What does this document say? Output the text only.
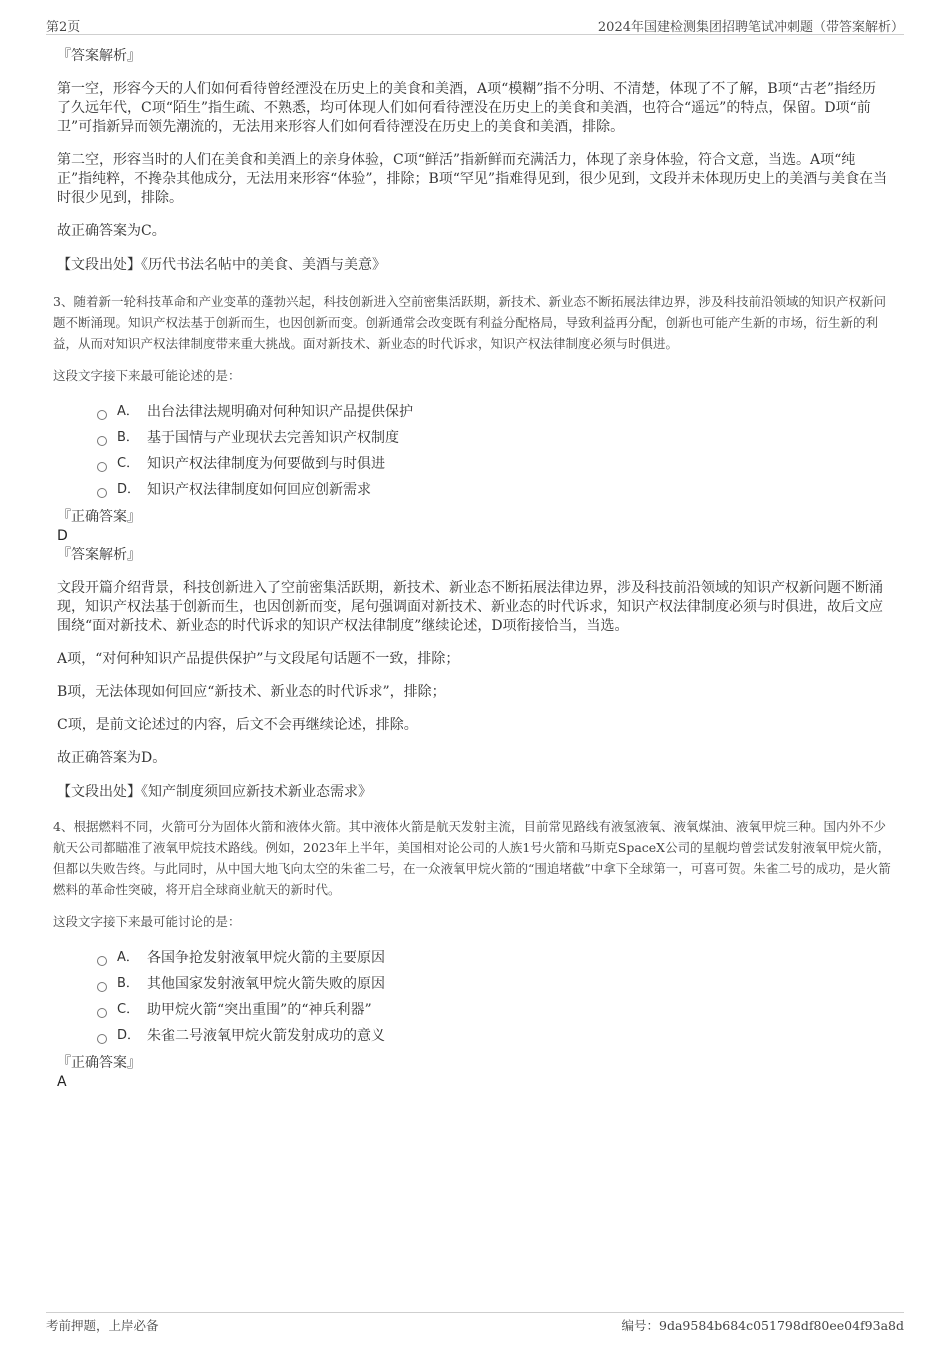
第2页	2024年国建检测集团招聘笔试冲刺题（带答案解析）
『答案解析』

第一空，形容今天的人们如何看待曾经湮没在历史上的美食和美酒，A项“模糊”指不分明、不清楚，体现了不了解，B项“古老”指经历了久远年代，C项“陌生”指生疏、不熟悉，均可体现人们如何看待湮没在历史上的美食和美酒，也符合“遥远”的特点，保留。D项“前卫”可指新异而领先潮流的，无法用来形容人们如何看待湮没在历史上的美食和美酒，排除。

第二空，形容当时的人们在美食和美酒上的亲身体验，C项“鲜活”指新鲜而充满活力，体现了亲身体验，符合文意，当选。A项“纯正”指纯粹，不搀杂其他成分，无法用来形容“体验”，排除；B项“罕见”指难得见到，很少见到，文段并未体现历史上的美酒与美食在当时很少见到，排除。

故正确答案为C。

【文段出处】《历代书法名帖中的美食、美酒与美意》
3、随着新一轮科技革命和产业变革的蓬勃兴起，科技创新进入空前密集活跃期，新技术、新业态不断拓展法律边界，涉及科技前沿领域的知识产权新问题不断涌现。知识产权法基于创新而生，也因创新而变。创新通常会改变既有利益分配格局，导致利益再分配，创新也可能产生新的市场，衍生新的利益，从而对知识产权法律制度带来重大挑战。面对新技术、新业态的时代诉求，知识产权法律制度必须与时俱进。
这段文字接下来最可能论述的是：
A． 出台法律法规明确对何种知识产品提供保护
B． 基于国情与产业现状去完善知识产权制度
C． 知识产权法律制度为何要做到与时俱进
D． 知识产权法律制度如何回应创新需求
『正确答案』
D
『答案解析』

文段开篇介绍背景，科技创新进入了空前密集活跃期，新技术、新业态不断拓展法律边界，涉及科技前沿领域的知识产权新问题不断涌现，知识产权法基于创新而生，也因创新而变，尾句强调面对新技术、新业态的时代诉求，知识产权法律制度必须与时俱进，故后文应围绕“面对新技术、新业态的时代诉求的知识产权法律制度”继续论述，D项衔接恰当，当选。

A项，“对何种知识产品提供保护”与文段尾句话题不一致，排除；

B项，无法体现如何回应“新技术、新业态的时代诉求”，排除；

C项，是前文论述过的内容，后文不会再继续论述，排除。

故正确答案为D。

【文段出处】《知产制度须回应新技术新业态需求》
4、根据燃料不同，火箭可分为固体火箭和液体火箭。其中液体火箭是航天发射主流，目前常见路线有液氢液氧、液氧煤油、液氧甲烷三种。国内外不少航天公司都瞄准了液氧甲烷技术路线。例如，2023年上半年，美国相对论公司的人族1号火箭和马斯克SpaceX公司的星舰均曾尝试发射液氧甲烷火箭，但都以失败告终。与此同时，从中国大地飞向太空的朱雀二号，在一众液氧甲烷火箭的“围追堵截”中拿下全球第一，可喜可贺。朱雀二号的成功，是火箭燃料的革命性突破，将开启全球商业航天的新时代。
这段文字接下来最可能讨论的是：
A． 各国争抢发射液氧甲烷火箭的主要原因
B． 其他国家发射液氧甲烷火箭失败的原因
C． 助甲烷火箭“突出重围”的“神兵利器”
D． 朱雀二号液氧甲烷火箭发射成功的意义
『正确答案』
A
考前押题，上岸必备	编号：9da9584b684c051798df80ee04f93a8d
